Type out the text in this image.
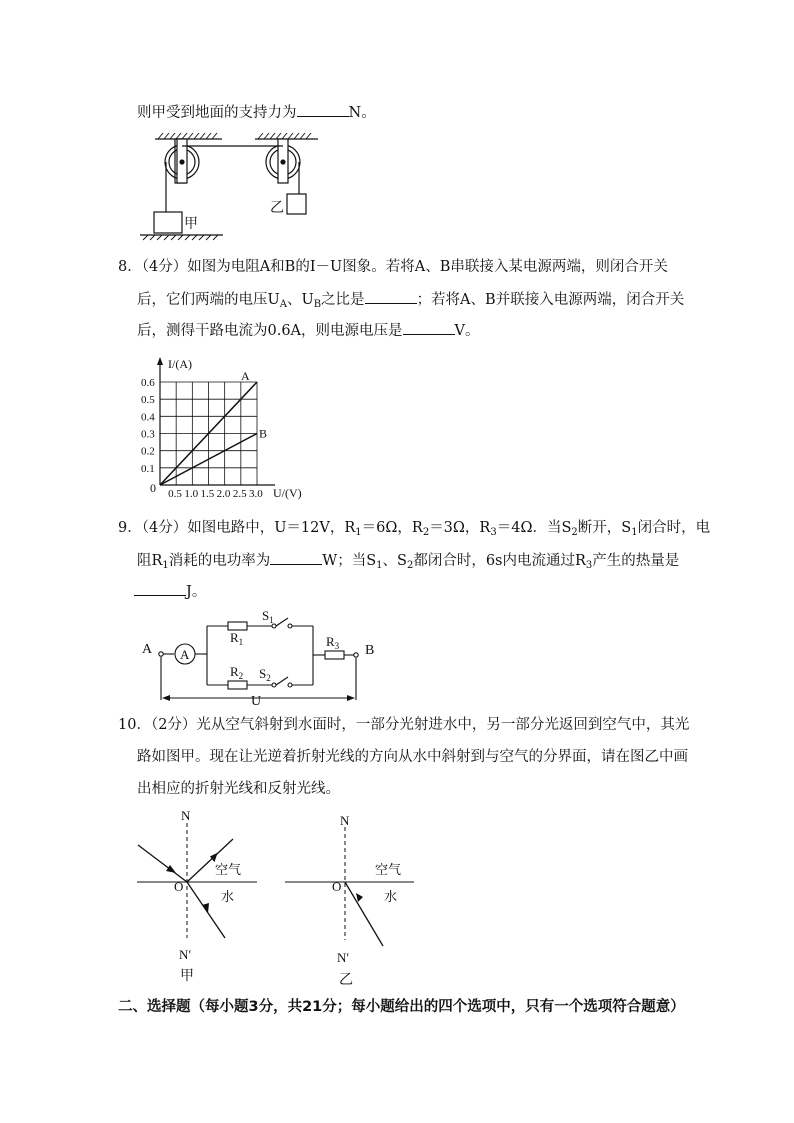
则甲受到地面的支持力为	N。
甲
乙
8．（4分）如图为电阻A和B的I－U图象。若将A、B串联接入某电源两端，则闭合开关
后，它们两端的电压$U_A$、$U_B$之比是	；若将A、B并联接入电源两端，闭合开关
后，测得干路电流为0.6A，则电源电压是	V。
0.5 1.0 1.5 2.0 2.5 3.0
0.6
0.5
0.4
0.3
0.2
0.1
A
B
I/(A)
U/(V)
0
9．（4分）如图电路中，U＝12V，$R_1=6\Omega$，$R_2=3\Omega$，$R_3=4\Omega$．当$S_2$断开，$S_1$闭合时，电
阻$R_1$消耗的电功率为	W；当$S_1$、$S_2$都闭合时，6s内电流通过$R_3$产生的热量是
J。
A	B
A
$R_1$
$R_2$
$R_3$
$S_1$
$S_2$
U
10．（2分）光从空气斜射到水面时，一部分光射进水中，另一部分光返回到空气中，其光
路如图甲。现在让光逆着折射光线的方向从水中斜射到与空气的分界面，请在图乙中画
出相应的折射光线和反射光线。
N
O
空气
水
N′
甲
N
O
空气
水
N′
乙
二、选择题（每小题3分，共21分；每小题给出的四个选项中，只有一个选项符合题意）
